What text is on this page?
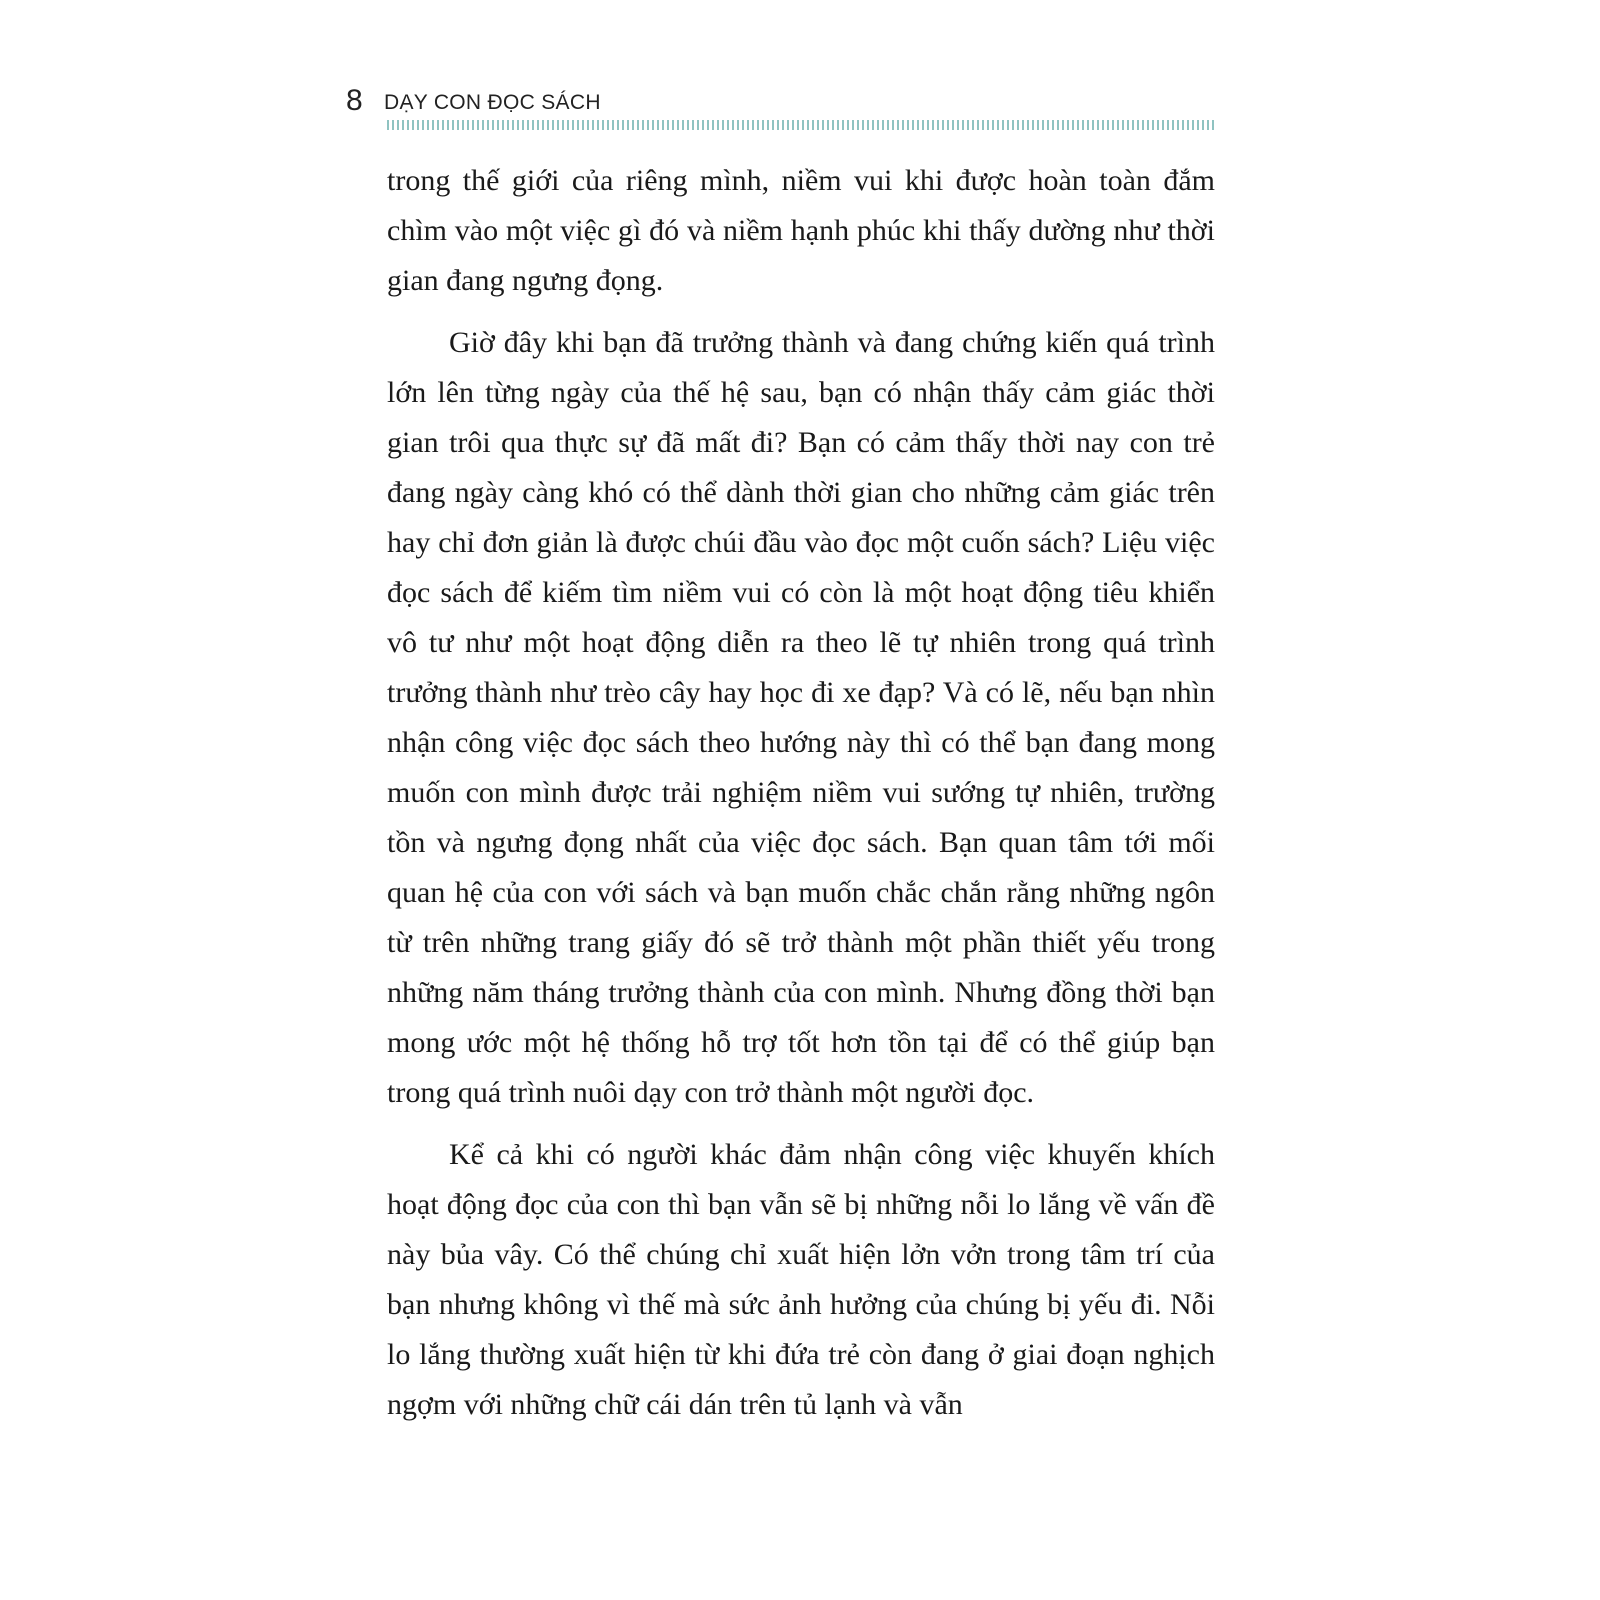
8 DẠY CON ĐỌC SÁCH

trong thế giới của riêng mình, niềm vui khi được hoàn toàn đắm chìm vào một việc gì đó và niềm hạnh phúc khi thấy dường như thời gian đang ngưng đọng.

Giờ đây khi bạn đã trưởng thành và đang chứng kiến quá trình lớn lên từng ngày của thế hệ sau, bạn có nhận thấy cảm giác thời gian trôi qua thực sự đã mất đi? Bạn có cảm thấy thời nay con trẻ đang ngày càng khó có thể dành thời gian cho những cảm giác trên hay chỉ đơn giản là được chúi đầu vào đọc một cuốn sách? Liệu việc đọc sách để kiếm tìm niềm vui có còn là một hoạt động tiêu khiển vô tư như một hoạt động diễn ra theo lẽ tự nhiên trong quá trình trưởng thành như trèo cây hay học đi xe đạp? Và có lẽ, nếu bạn nhìn nhận công việc đọc sách theo hướng này thì có thể bạn đang mong muốn con mình được trải nghiệm niềm vui sướng tự nhiên, trường tồn và ngưng đọng nhất của việc đọc sách. Bạn quan tâm tới mối quan hệ của con với sách và bạn muốn chắc chắn rằng những ngôn từ trên những trang giấy đó sẽ trở thành một phần thiết yếu trong những năm tháng trưởng thành của con mình. Nhưng đồng thời bạn mong ước một hệ thống hỗ trợ tốt hơn tồn tại để có thể giúp bạn trong quá trình nuôi dạy con trở thành một người đọc.

Kể cả khi có người khác đảm nhận công việc khuyến khích hoạt động đọc của con thì bạn vẫn sẽ bị những nỗi lo lắng về vấn đề này bủa vây. Có thể chúng chỉ xuất hiện lởn vởn trong tâm trí của bạn nhưng không vì thế mà sức ảnh hưởng của chúng bị yếu đi. Nỗi lo lắng thường xuất hiện từ khi đứa trẻ còn đang ở giai đoạn nghịch ngợm với những chữ cái dán trên tủ lạnh và vẫn
